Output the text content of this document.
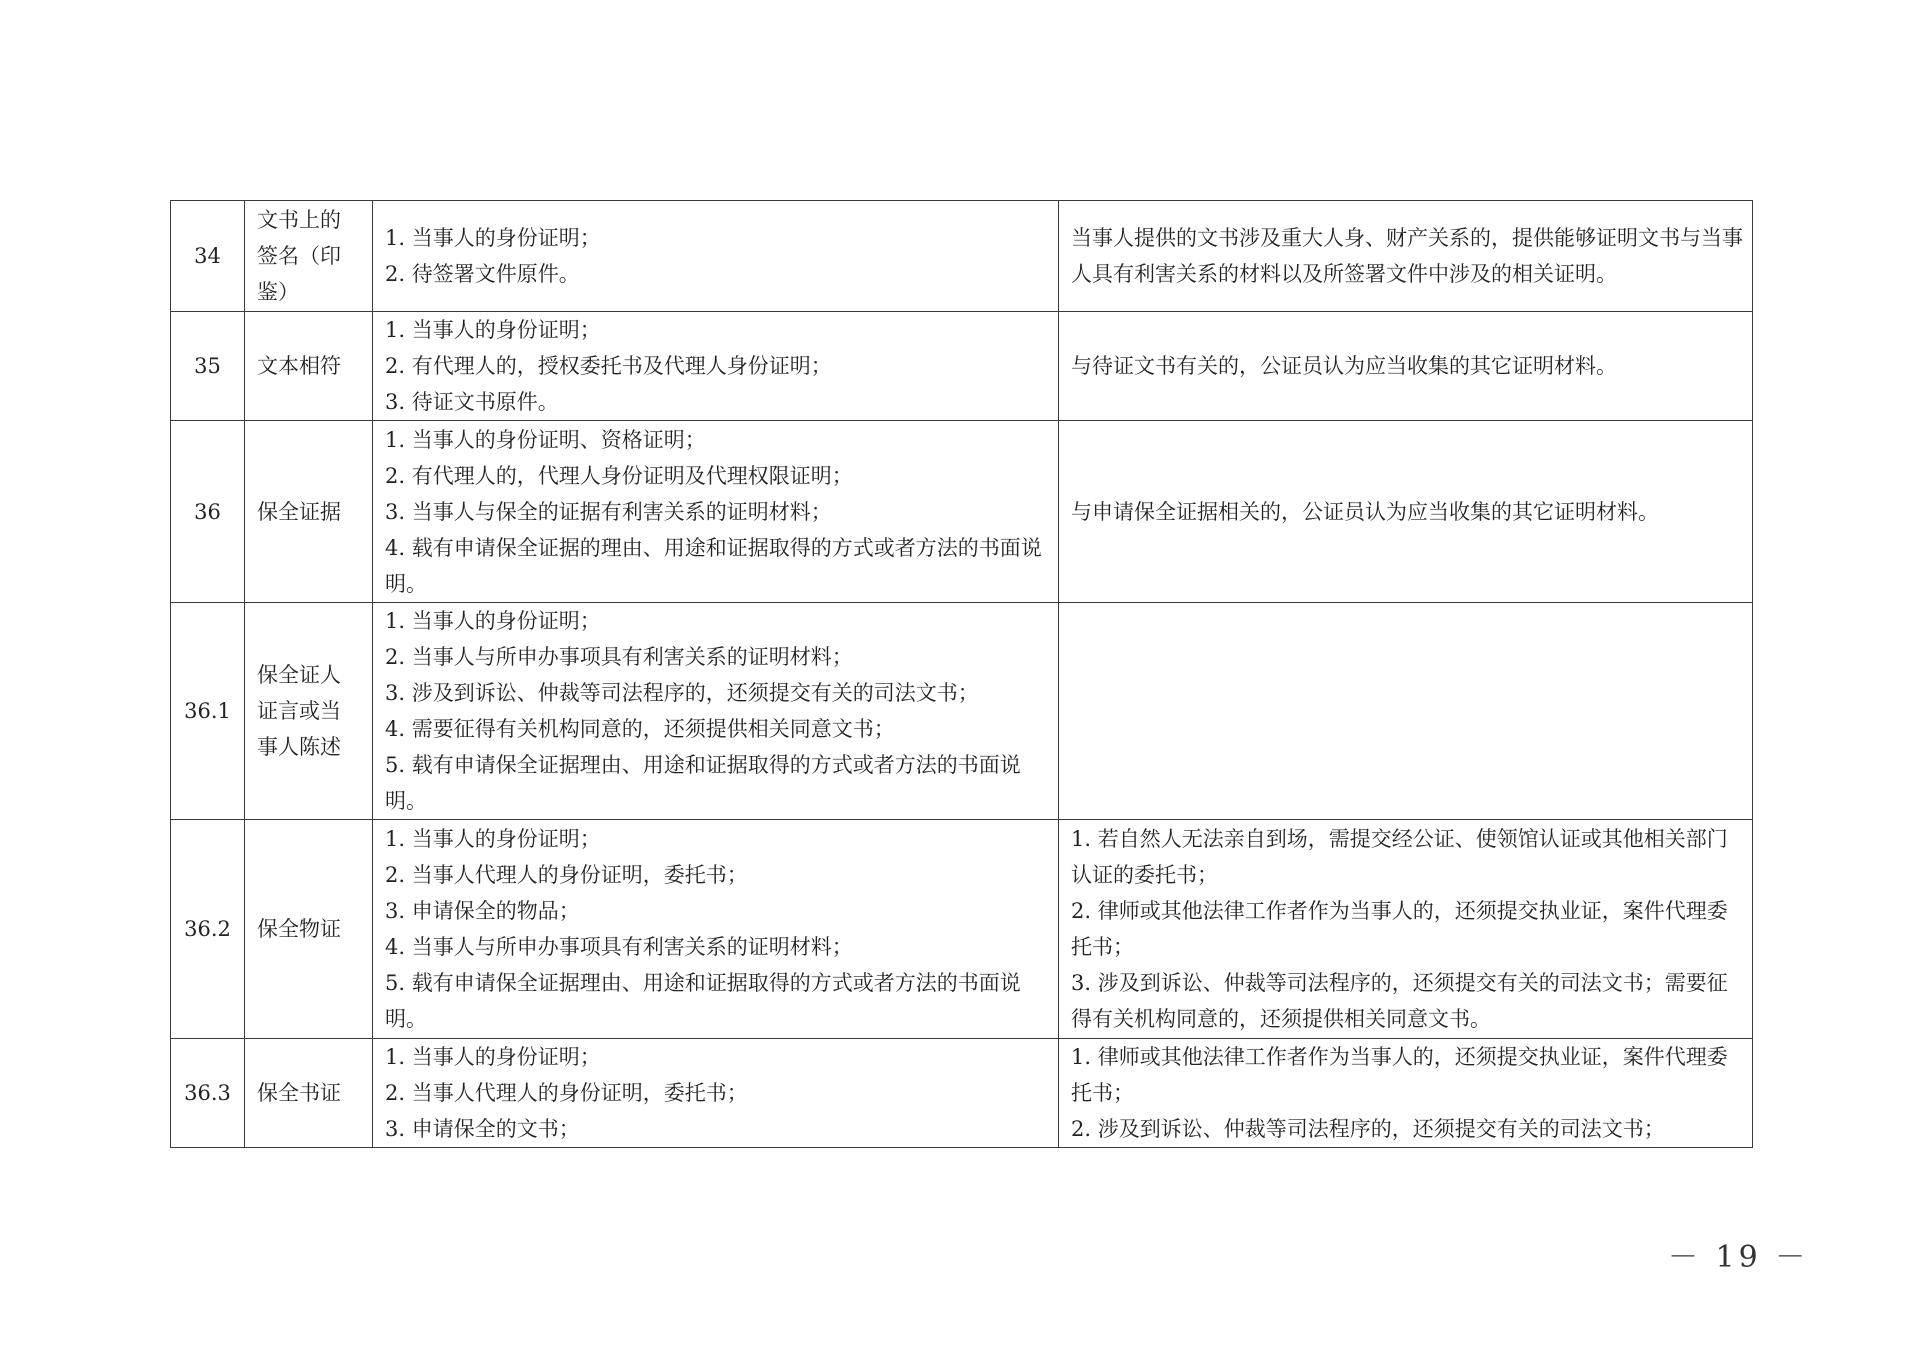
34	文书上的
签名（印
鉴）	1. 当事人的身份证明；
2. 待签署文件原件。	当事人提供的文书涉及重大人身、财产关系的，提供能够证明文书与当事人具有利害关系的材料以及所签署文件中涉及的相关证明。

35	文本相符	1. 当事人的身份证明；
2. 有代理人的，授权委托书及代理人身份证明；
3. 待证文书原件。	与待证文书有关的，公证员认为应当收集的其它证明材料。

36	保全证据	1. 当事人的身份证明、资格证明；
2. 有代理人的，代理人身份证明及代理权限证明；
3. 当事人与保全的证据有利害关系的证明材料；
4. 载有申请保全证据的理由、用途和证据取得的方式或者方法的书面说明。	与申请保全证据相关的，公证员认为应当收集的其它证明材料。

36.1	保全证人
证言或当
事人陈述	1. 当事人的身份证明；
2. 当事人与所申办事项具有利害关系的证明材料；
3. 涉及到诉讼、仲裁等司法程序的，还须提交有关的司法文书；
4. 需要征得有关机构同意的，还须提供相关同意文书；
5. 载有申请保全证据理由、用途和证据取得的方式或者方法的书面说明。	

36.2	保全物证	1. 当事人的身份证明；
2. 当事人代理人的身份证明，委托书；
3. 申请保全的物品；
4. 当事人与所申办事项具有利害关系的证明材料；
5. 载有申请保全证据理由、用途和证据取得的方式或者方法的书面说明。	1. 若自然人无法亲自到场，需提交经公证、使领馆认证或其他相关部门认证的委托书；
2. 律师或其他法律工作者作为当事人的，还须提交执业证，案件代理委托书；
3. 涉及到诉讼、仲裁等司法程序的，还须提交有关的司法文书；需要征得有关机构同意的，还须提供相关同意文书。

36.3	保全书证	1. 当事人的身份证明；
2. 当事人代理人的身份证明，委托书；
3. 申请保全的文书；	1. 律师或其他法律工作者作为当事人的，还须提交执业证，案件代理委托书；
2. 涉及到诉讼、仲裁等司法程序的，还须提交有关的司法文书；
－ 19 －
